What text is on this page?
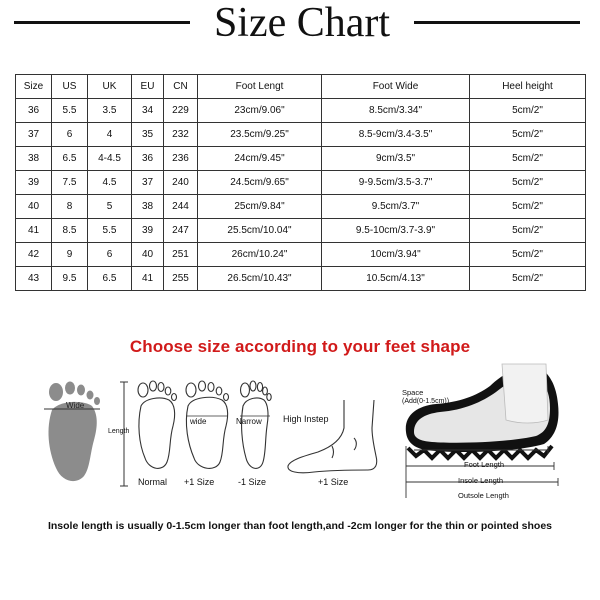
Size Chart
Size	US	UK	EU	CN	Foot Lengt	Foot Wide	Heel height
36	5.5	3.5	34	229	23cm/9.06"	8.5cm/3.34"	5cm/2"
37	6	4	35	232	23.5cm/9.25"	8.5-9cm/3.4-3.5"	5cm/2"
38	6.5	4-4.5	36	236	24cm/9.45"	9cm/3.5"	5cm/2"
39	7.5	4.5	37	240	24.5cm/9.65"	9-9.5cm/3.5-3.7"	5cm/2"
40	8	5	38	244	25cm/9.84"	9.5cm/3.7"	5cm/2"
41	8.5	5.5	39	247	25.5cm/10.04"	9.5-10cm/3.7-3.9"	5cm/2"
42	9	6	40	251	26cm/10.24"	10cm/3.94"	5cm/2"
43	9.5	6.5	41	255	26.5cm/10.43"	10.5cm/4.13"	5cm/2"
Choose size according to your feet shape
Wide
Length
Normal
wide
+1 Size
Narrow
-1 Size
High Instep
+1 Size
Space
(Add(0-1.5cm))
Foot Length
Insole Length
Outsole Length
Insole length is usually 0-1.5cm longer than foot length,and -2cm longer for the thin or pointed shoes
